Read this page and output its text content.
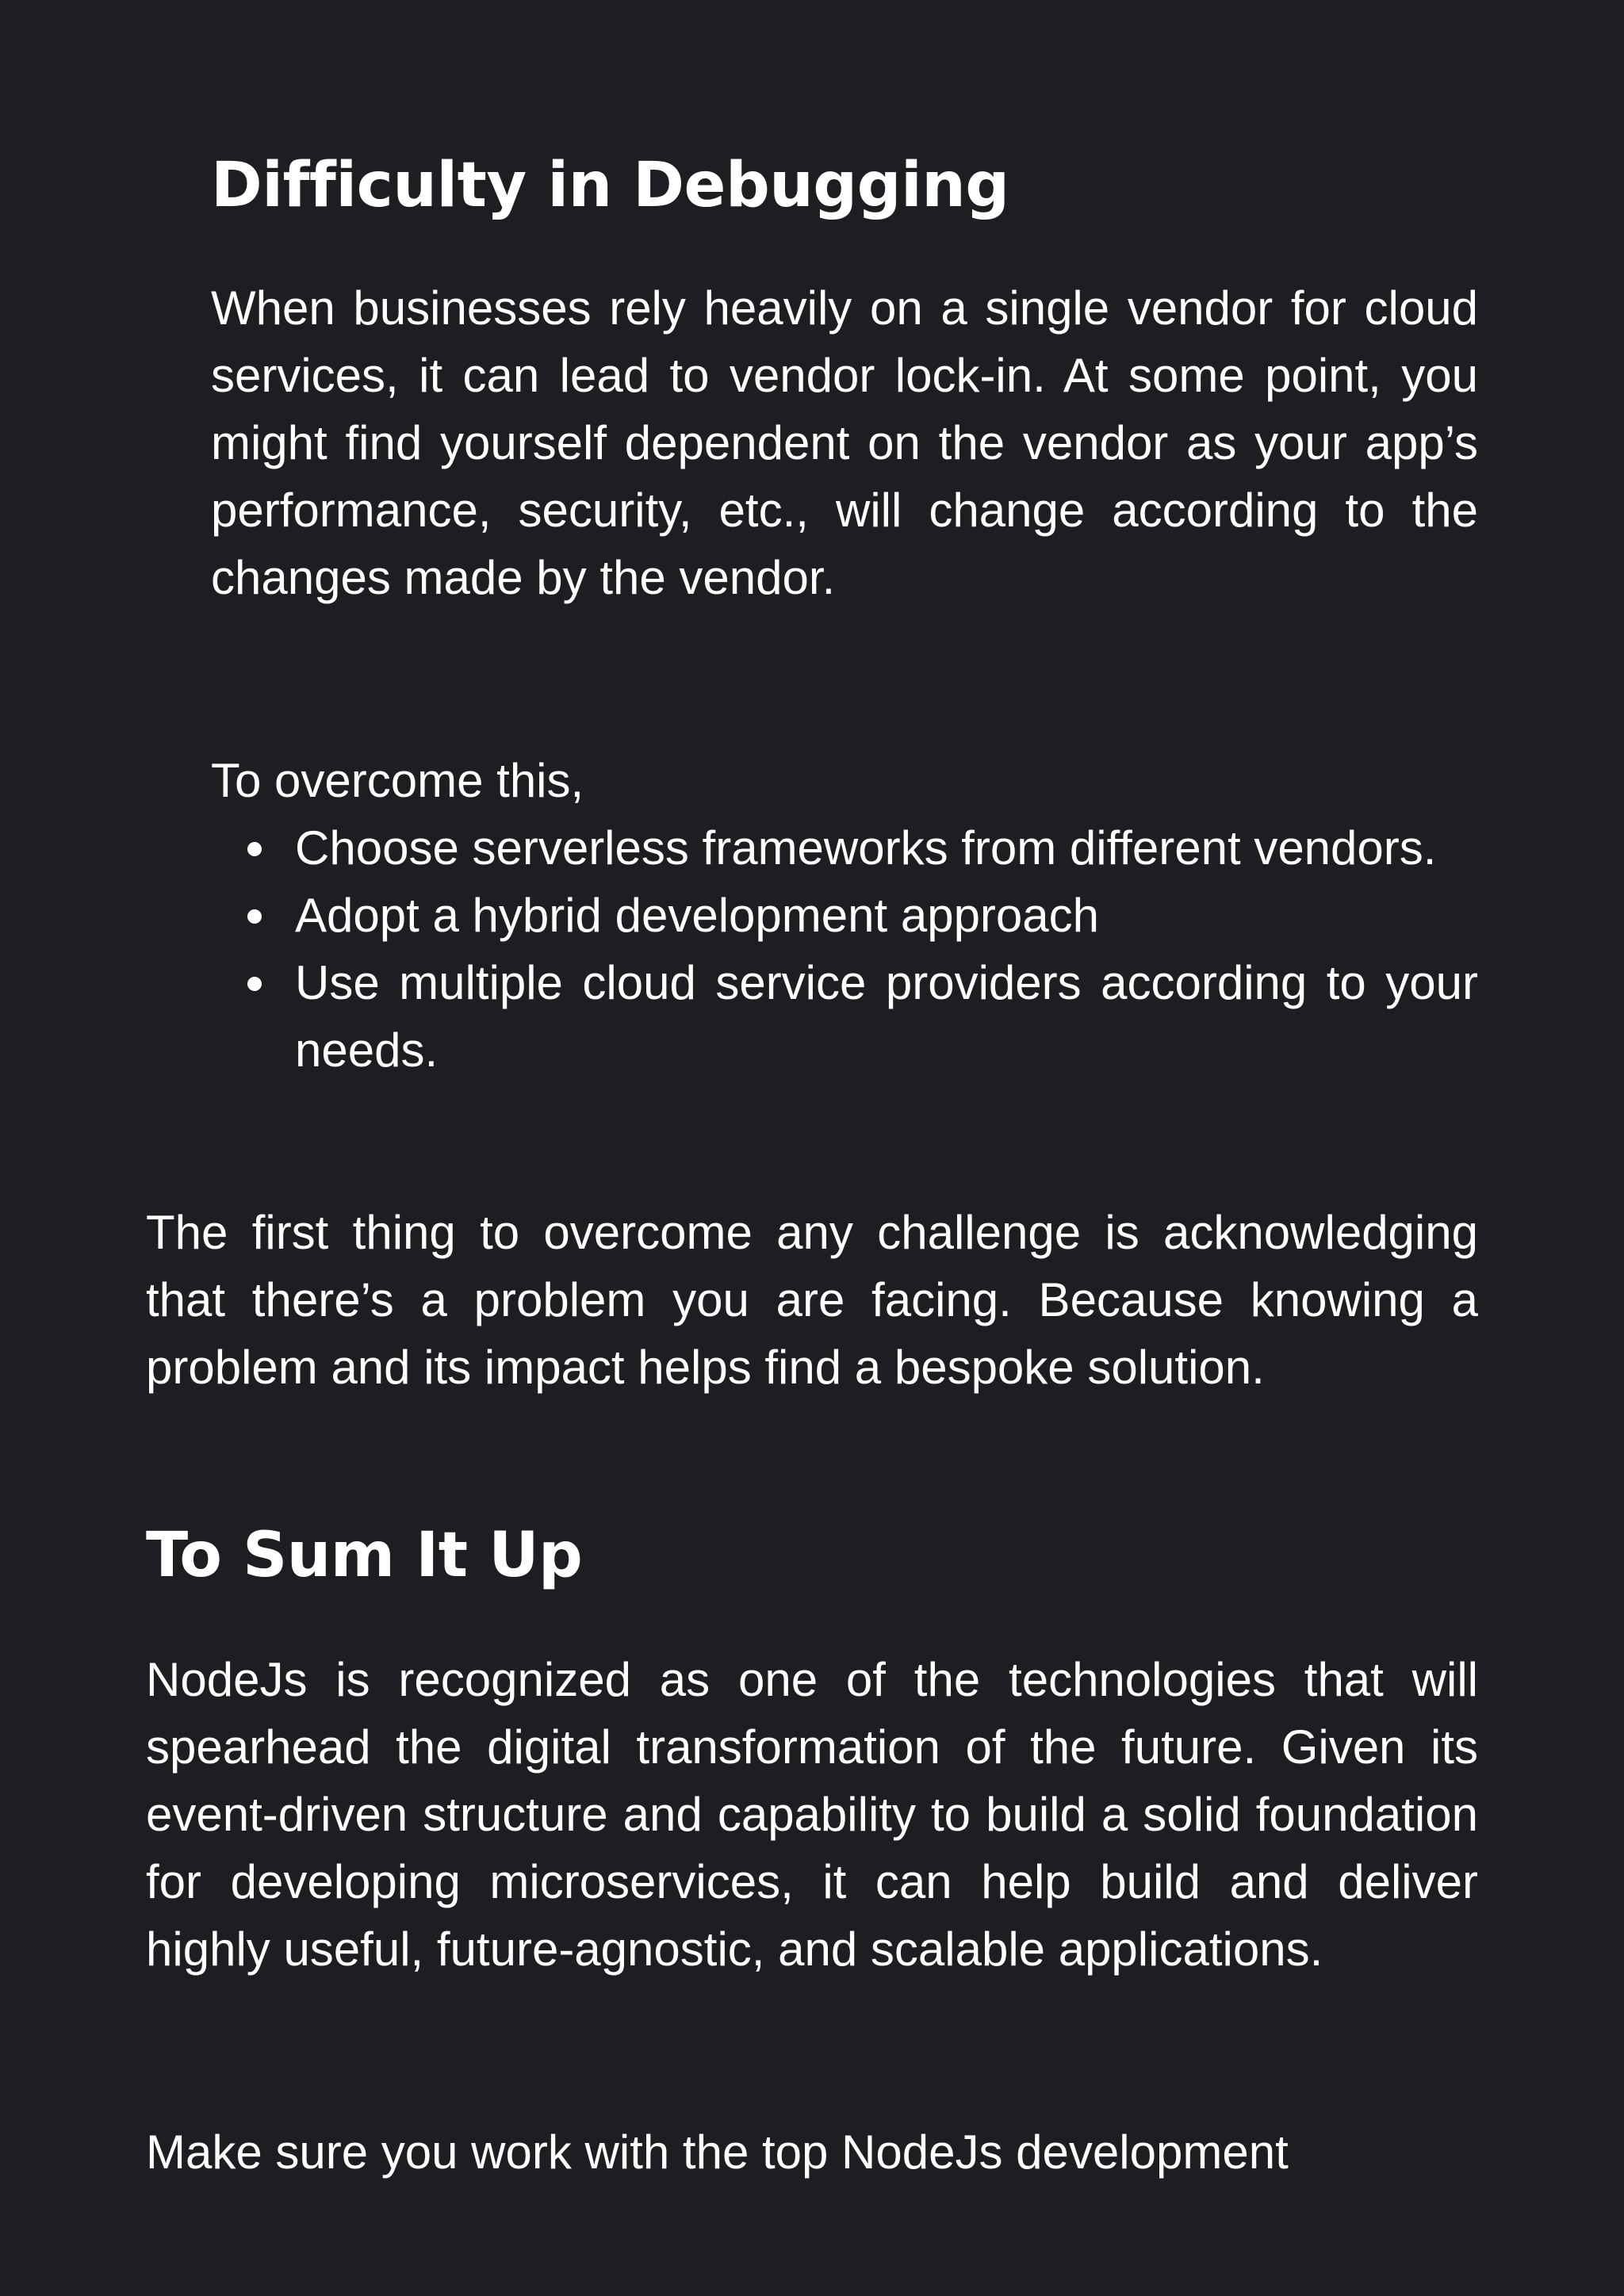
Difficulty in Debugging

When businesses rely heavily on a single vendor for cloud services, it can lead to vendor lock-in. At some point, you might find yourself dependent on the vendor as your app’s performance, security, etc., will change according to the changes made by the vendor.

To overcome this,

Choose serverless frameworks from different vendors.
Adopt a hybrid development approach
Use multiple cloud service providers according to your needs.

The first thing to overcome any challenge is acknowledging that there’s a problem you are facing. Because knowing a problem and its impact helps find a bespoke solution.

To Sum It Up

NodeJs is recognized as one of the technologies that will spearhead the digital transformation of the future. Given its event-driven structure and capability to build a solid foundation for developing microservices, it can help build and deliver highly useful, future-agnostic, and scalable applications.

Make sure you work with the top NodeJs development
